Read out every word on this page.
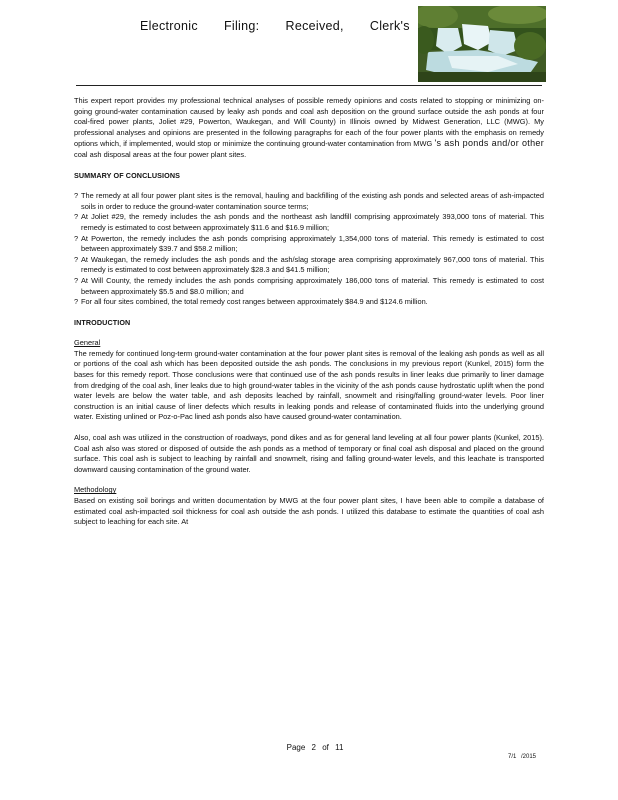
Electronic Filing: Received, Clerk's

This expert report provides my professional technical analyses of possible remedy opinions and costs related to stopping or minimizing on-going ground-water contamination caused by leaky ash ponds and coal ash deposition on the ground surface outside the ash ponds at four coal-fired power plants, Joliet #29, Powerton, Waukegan, and Will County) in Illinois owned by Midwest Generation, LLC (MWG). My professional analyses and opinions are presented in the following paragraphs for each of the four power plants with the emphasis on remedy options which, if implemented, would stop or minimize the continuing ground-water contamination from MWG 's ash ponds and/or other coal ash disposal areas at the four power plant sites.

SUMMARY OF CONCLUSIONS

? The remedy at all four power plant sites is the removal, hauling and backfilling of the existing ash ponds and selected areas of ash-impacted soils in order to reduce the ground-water contamination source terms;
? At Joliet #29, the remedy includes the ash ponds and the northeast ash landfill comprising approximately 393,000 tons of material. This remedy is estimated to cost between approximately $11.6 and $16.9 million;
? At Powerton, the remedy includes the ash ponds comprising approximately 1,354,000 tons of material. This remedy is estimated to cost between approximately $39.7 and $58.2 million;
? At Waukegan, the remedy includes the ash ponds and the ash/slag storage area comprising approximately 967,000 tons of material. This remedy is estimated to cost between approximately $28.3 and $41.5 million;
? At Will County, the remedy includes the ash ponds comprising approximately 186,000 tons of material. This remedy is estimated to cost between approximately $5.5 and $8.0 million; and
? For all four sites combined, the total remedy cost ranges between approximately $84.9 and $124.6 million.

INTRODUCTION

General

The remedy for continued long-term ground-water contamination at the four power plant sites is removal of the leaking ash ponds as well as all or portions of the coal ash which has been deposited outside the ash ponds. The conclusions in my previous report (Kunkel, 2015) form the bases for this remedy report. Those conclusions were that continued use of the ash ponds results in liner leaks due primarily to liner damage from dredging of the coal ash, liner leaks due to high ground-water tables in the vicinity of the ash ponds cause hydrostatic uplift when the pond water levels are below the water table, and ash deposits leached by rainfall, snowmelt and rising/falling ground-water levels. Poor liner construction is an initial cause of liner defects which results in leaking ponds and release of contaminated fluids into the underlying ground water. Existing unlined or Poz-o-Pac lined ash ponds also have caused ground-water contamination.

Also, coal ash was utilized in the construction of roadways, pond dikes and as for general land leveling at all four power plants (Kunkel, 2015). Coal ash also was stored or disposed of outside the ash ponds as a method of temporary or final coal ash disposal and placed on the ground surface. This coal ash is subject to leaching by rainfall and snowmelt, rising and falling ground-water levels, and this leachate is transported downward causing contamination of the ground water.

Methodology

Based on existing soil borings and written documentation by MWG at the four power plant sites, I have been able to compile a database of estimated coal ash-impacted soil thickness for coal ash outside the ash ponds. I utilized this database to estimate the quantities of coal ash subject to leaching for each site. At

Page 2 of 11
7/1 /2015
